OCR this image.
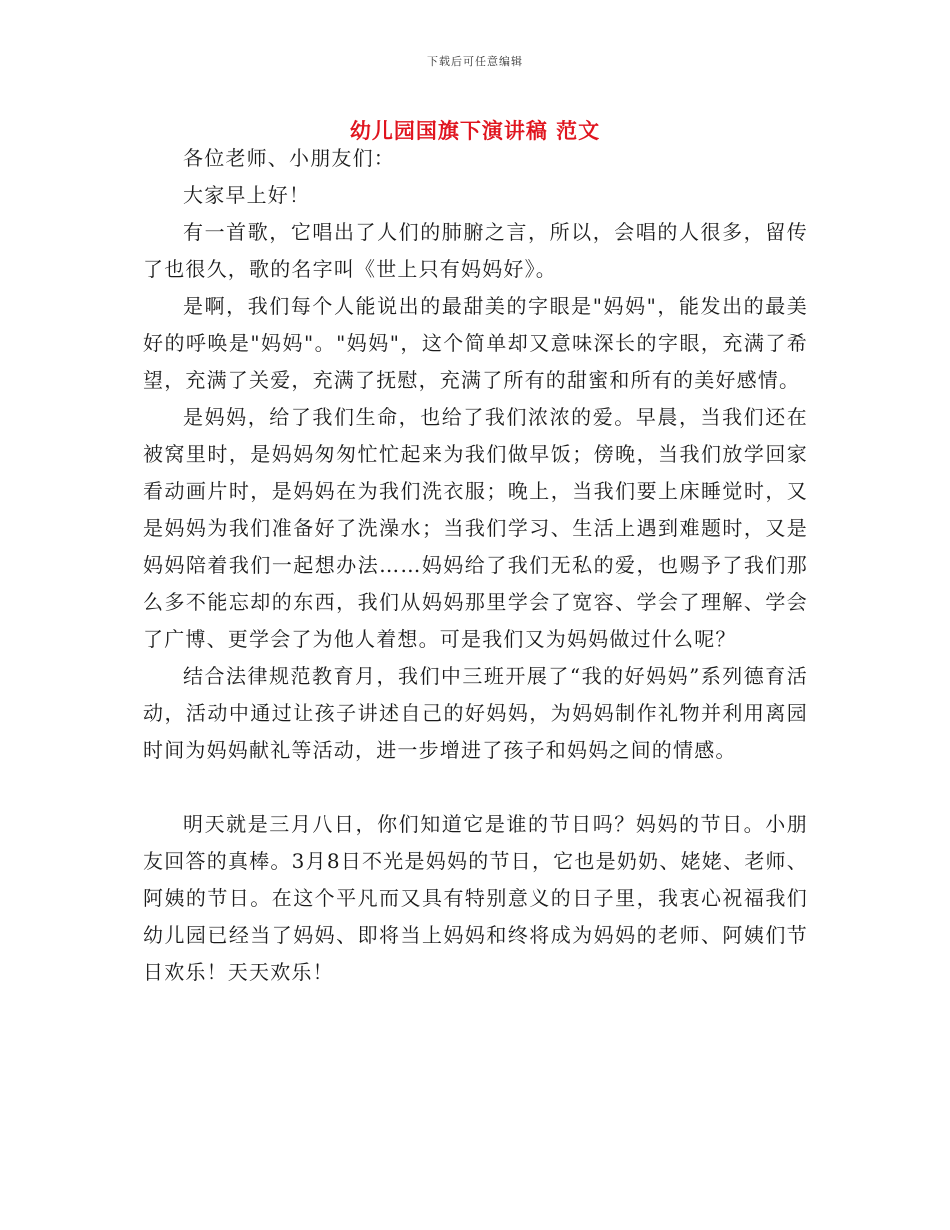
下载后可任意编辑
幼儿园国旗下演讲稿 范文

各位老师、小朋友们：

大家早上好！

有一首歌，它唱出了人们的肺腑之言，所以，会唱的人很多，留传了也很久，歌的名字叫《世上只有妈妈好》。

是啊，我们每个人能说出的最甜美的字眼是"妈妈"，能发出的最美好的呼唤是"妈妈"。"妈妈"，这个简单却又意味深长的字眼，充满了希望，充满了关爱，充满了抚慰，充满了所有的甜蜜和所有的美好感情。

是妈妈，给了我们生命，也给了我们浓浓的爱。早晨，当我们还在被窝里时，是妈妈匆匆忙忙起来为我们做早饭；傍晚，当我们放学回家看动画片时，是妈妈在为我们洗衣服；晚上，当我们要上床睡觉时，又是妈妈为我们准备好了洗澡水；当我们学习、生活上遇到难题时，又是妈妈陪着我们一起想办法……妈妈给了我们无私的爱，也赐予了我们那么多不能忘却的东西，我们从妈妈那里学会了宽容、学会了理解、学会了广博、更学会了为他人着想。可是我们又为妈妈做过什么呢？

结合法律规范教育月，我们中三班开展了“我的好妈妈”系列德育活动，活动中通过让孩子讲述自己的好妈妈，为妈妈制作礼物并利用离园时间为妈妈献礼等活动，进一步增进了孩子和妈妈之间的情感。

明天就是三月八日，你们知道它是谁的节日吗？妈妈的节日。小朋友回答的真棒。3月8日不光是妈妈的节日，它也是奶奶、姥姥、老师、阿姨的节日。在这个平凡而又具有特别意义的日子里，我衷心祝福我们幼儿园已经当了妈妈、即将当上妈妈和终将成为妈妈的老师、阿姨们节日欢乐！天天欢乐！
